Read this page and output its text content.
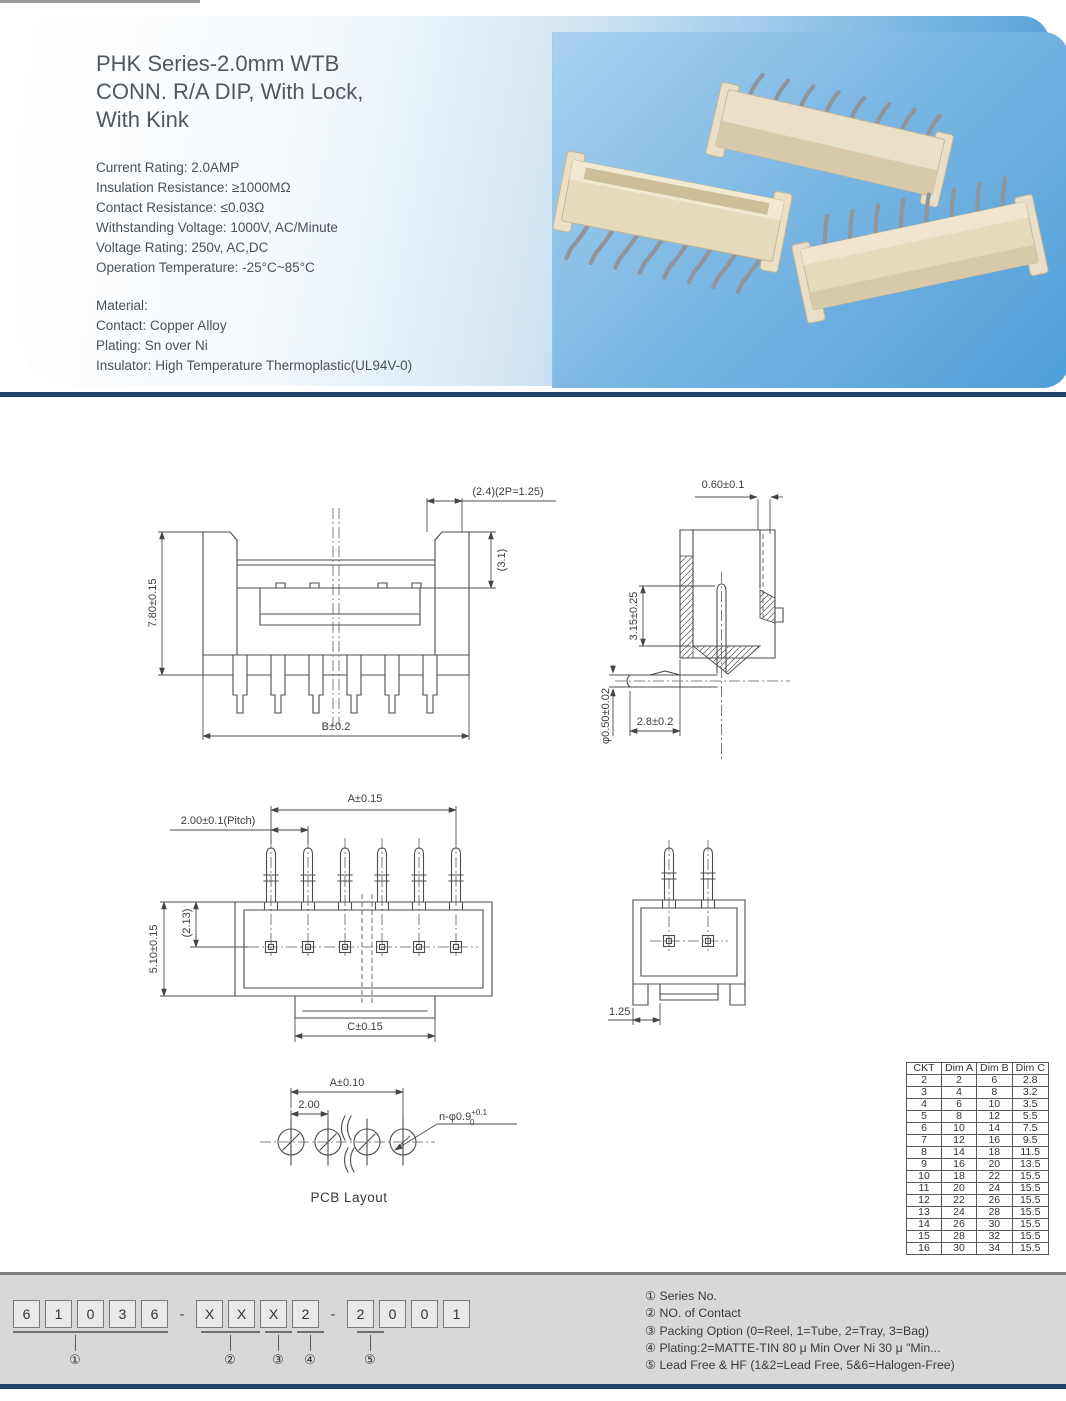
PHK Series-2.0mm WTB
CONN. R/A DIP, With Lock,
With Kink
Current Rating: 2.0AMP
Insulation Resistance: ≥1000MΩ
Contact Resistance: ≤0.03Ω
Withstanding Voltage: 1000V, AC/Minute
Voltage Rating: 250v, AC,DC
Operation Temperature: -25°C~85°C
Material:
Contact: Copper Alloy
Plating: Sn over Ni
Insulator: High Temperature Thermoplastic(UL94V-0)
7.80±0.15
B±0.2
(2.4)(2P=1.25)
(3.1)
0.60±0.1
3.15±0.25
φ0.50±0.02 2.8±0.2
A±0.15
2.00±0.1(Pitch)
5.10±0.15
(2.13)
C±0.15
1.25
2.00
A±0.10
$n-\varphi 0.9^{+0.1}$ 0
PCB Layout
CKT	Dim A	Dim B	Dim C
2	2	6	2.8
3	4	8	3.2
4	6	10	3.5
5	8	12	5.5
6	10	14	7.5
7	12	16	9.5
8	14	18	11.5
9	16	20	13.5
10	18	22	15.5
11	20	24	15.5
12	22	26	15.5
13	24	28	15.5
14	26	30	15.5
15	28	32	15.5
16	30	34	15.5
6	1	0	3	6	-	X	X	X	2	-	2	0	0	1
①	②	③	④	⑤
① Series No.
② NO. of Contact
③ Packing Option (0=Reel, 1=Tube, 2=Tray, 3=Bag)
④ Plating:2=MATTE-TIN 80 μ Min Over Ni 30 μ "Min...
⑤ Lead Free & HF (1&2=Lead Free, 5&6=Halogen-Free)
